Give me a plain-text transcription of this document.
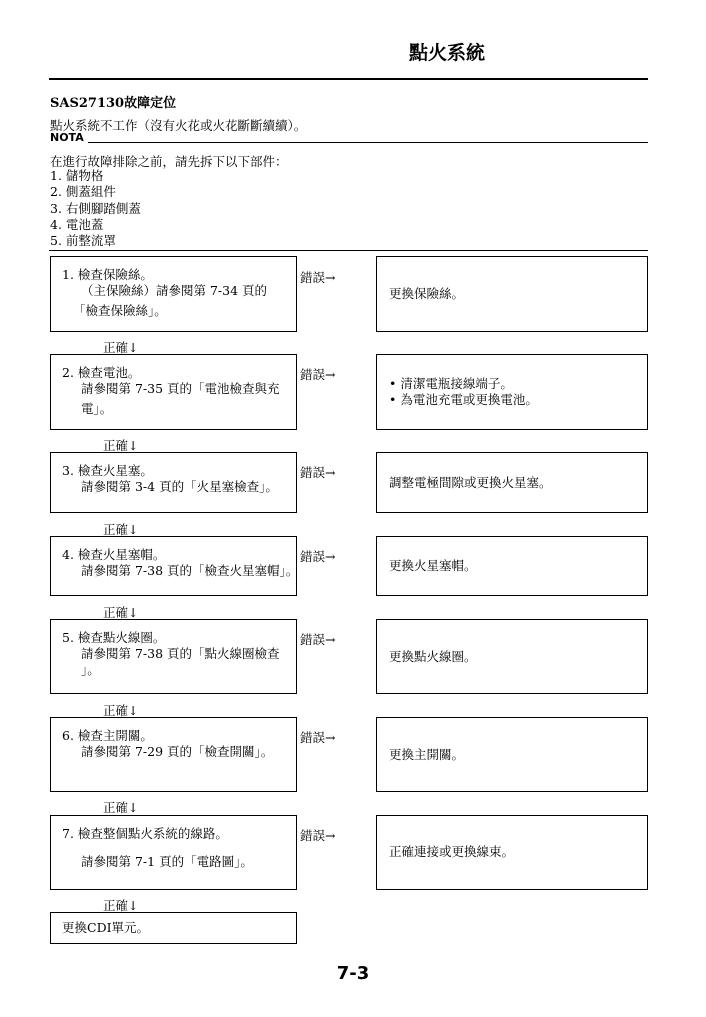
點火系統
SAS27130故障定位
點火系統不工作（沒有火花或火花斷斷續續）。
NOTA
在進行故障排除之前，請先拆下以下部件：
1. 儲物格
2. 側蓋組件
3. 右側腳踏側蓋
4. 電池蓋
5. 前整流罩
1. 檢查保險絲。
（主保險絲）請參閱第 7-34 頁的
「檢查保險絲」。
錯誤→
更換保險絲。
正確↓
2. 檢查電池。
請參閱第 7-35 頁的「電池檢查與充
電」。
錯誤→
• 清潔電瓶接線端子。
• 為電池充電或更換電池。
正確↓
3. 檢查火星塞。
請參閱第 3-4 頁的「火星塞檢查」。
錯誤→
調整電極間隙或更換火星塞。
正確↓
4. 檢查火星塞帽。
請參閱第 7-38 頁的「檢查火星塞帽」。
錯誤→
更換火星塞帽。
正確↓
5. 檢查點火線圈。
請參閱第 7-38 頁的「點火線圈檢查
」。
錯誤→
更換點火線圈。
正確↓
6. 檢查主開關。
請參閱第 7-29 頁的「檢查開關」。
錯誤→
更換主開關。
正確↓
7. 檢查整個點火系統的線路。
請參閱第 7-1 頁的「電路圖」。
錯誤→
正確連接或更換線束。
正確↓
更換CDI單元。
7-3
